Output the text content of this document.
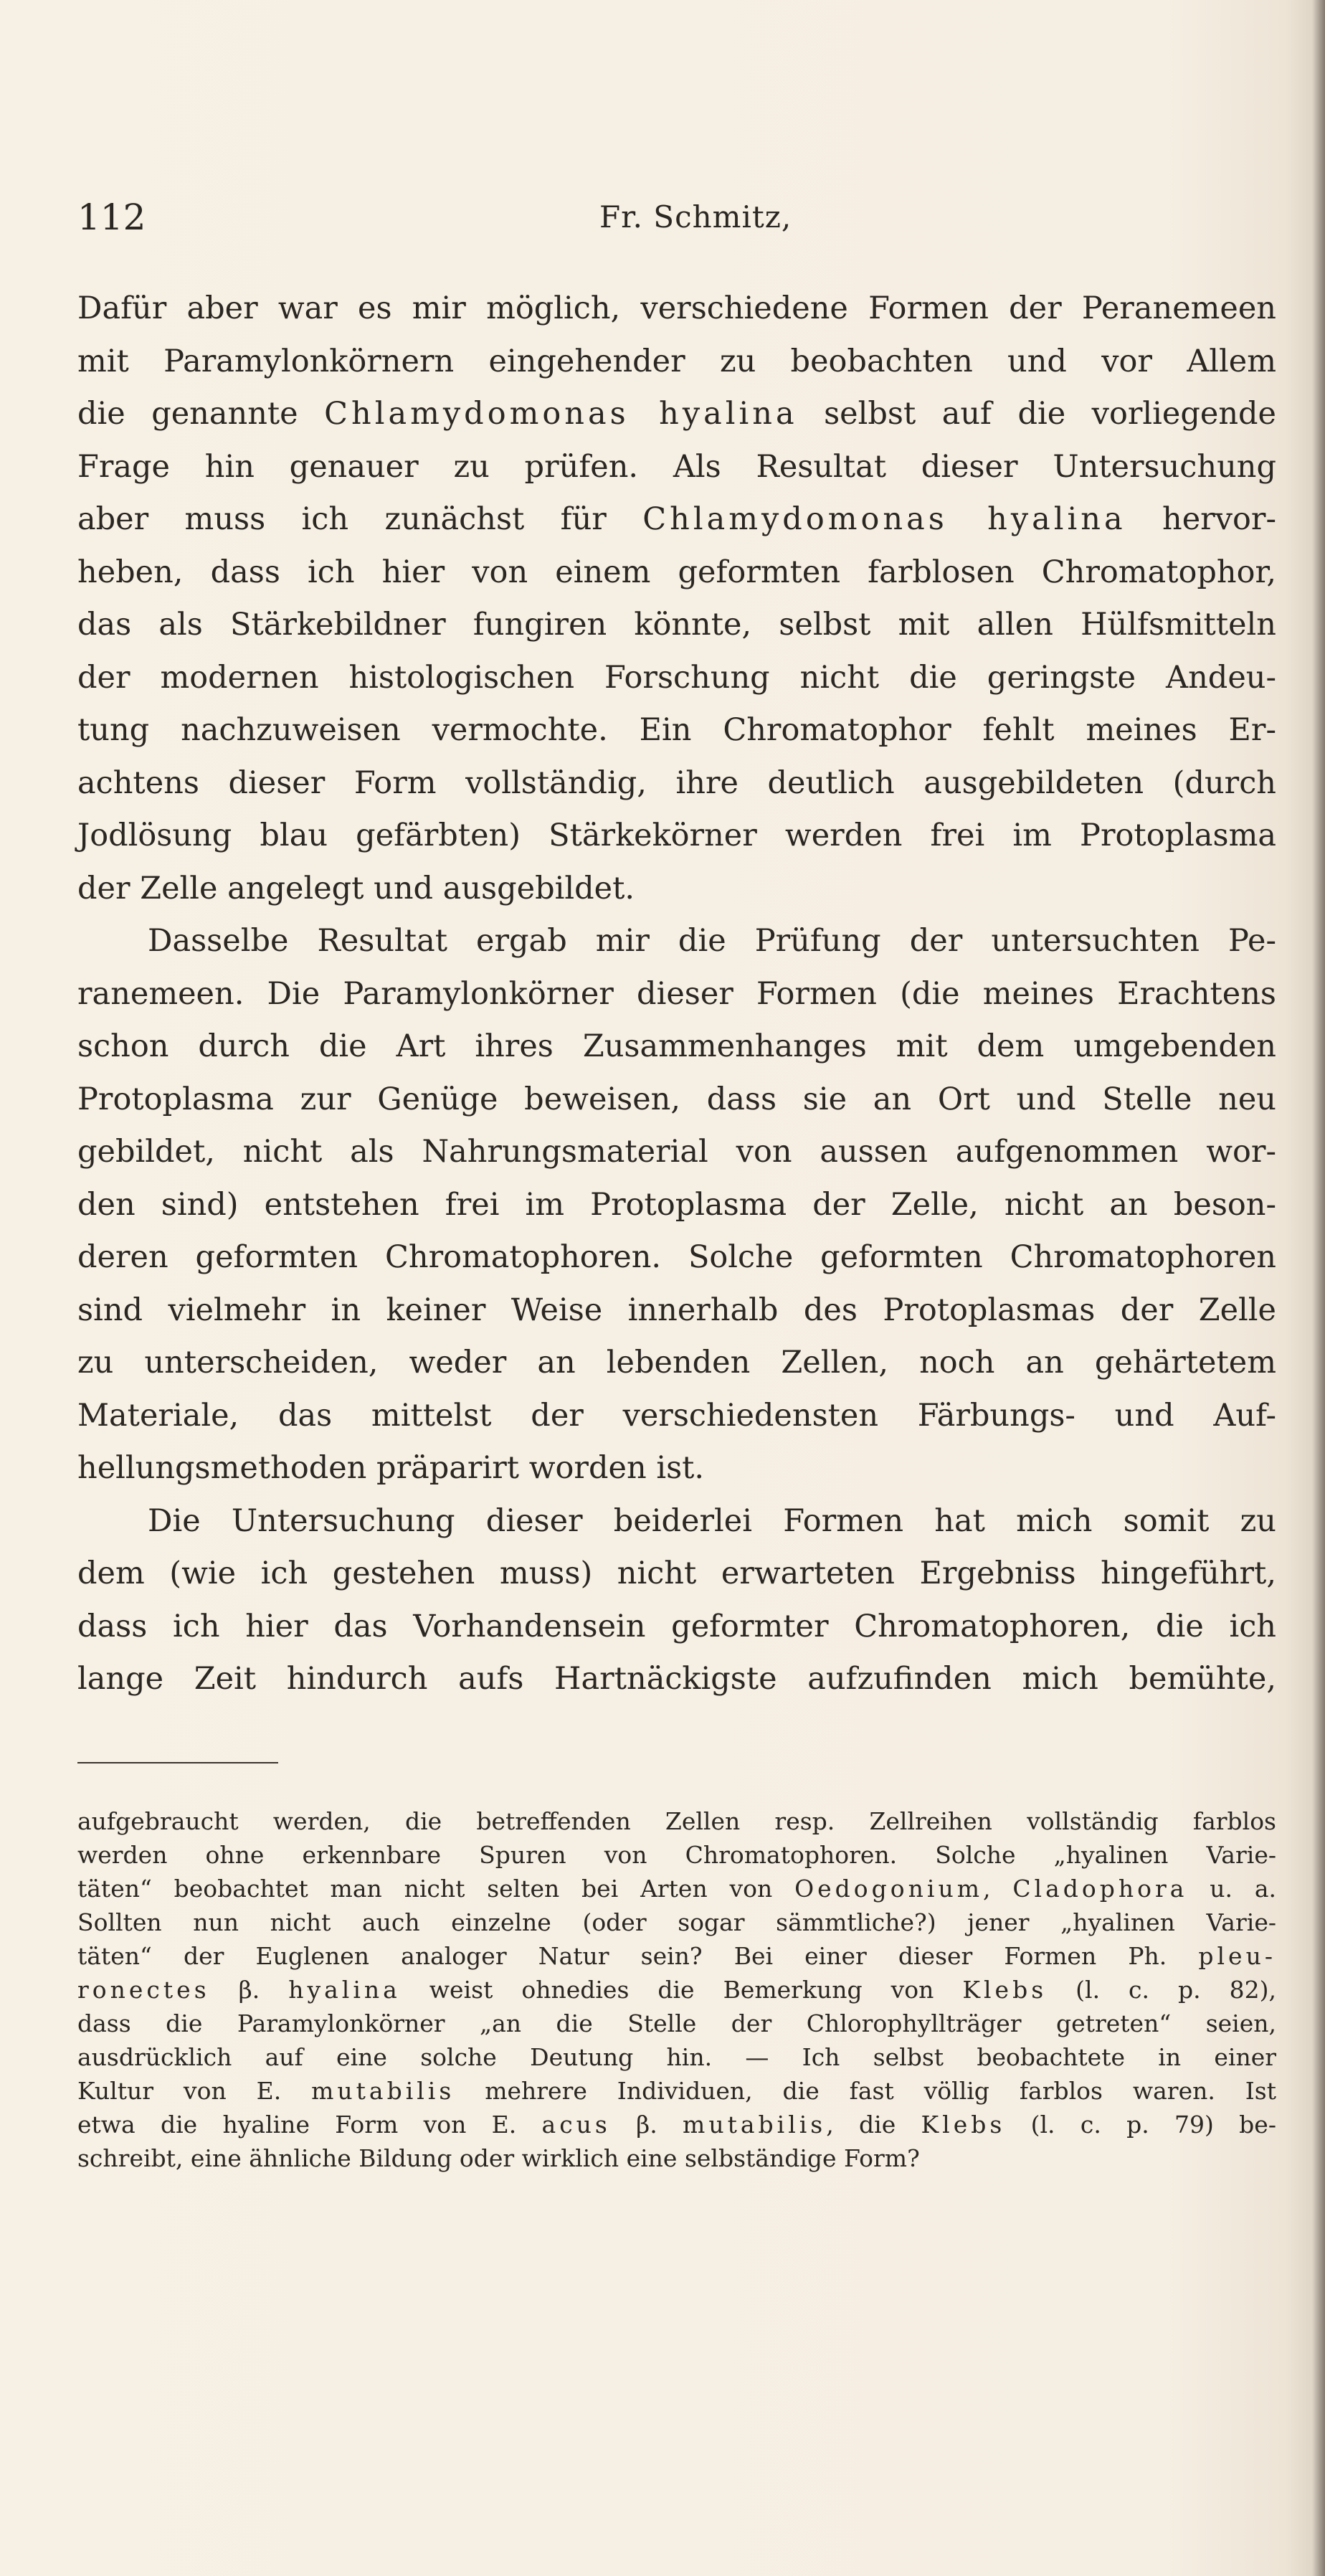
112	Fr. Schmitz,

Dafür aber war es mir möglich, verschiedene Formen der Peranemeen

mit Paramylonkörnern eingehender zu beobachten und vor Allem

die genannte Chlamydomonas hyalina selbst auf die vorliegende

Frage hin genauer zu prüfen. Als Resultat dieser Untersuchung

aber muss ich zunächst für Chlamydomonas hyalina hervor-

heben, dass ich hier von einem geformten farblosen Chromatophor,

das als Stärkebildner fungiren könnte, selbst mit allen Hülfsmitteln

der modernen histologischen Forschung nicht die geringste Andeu-

tung nachzuweisen vermochte. Ein Chromatophor fehlt meines Er-

achtens dieser Form vollständig, ihre deutlich ausgebildeten (durch

Jodlösung blau gefärbten) Stärkekörner werden frei im Protoplasma

der Zelle angelegt und ausgebildet.

Dasselbe Resultat ergab mir die Prüfung der untersuchten Pe-

ranemeen. Die Paramylonkörner dieser Formen (die meines Erachtens

schon durch die Art ihres Zusammenhanges mit dem umgebenden

Protoplasma zur Genüge beweisen, dass sie an Ort und Stelle neu

gebildet, nicht als Nahrungsmaterial von aussen aufgenommen wor-

den sind) entstehen frei im Protoplasma der Zelle, nicht an beson-

deren geformten Chromatophoren. Solche geformten Chromatophoren

sind vielmehr in keiner Weise innerhalb des Protoplasmas der Zelle

zu unterscheiden, weder an lebenden Zellen, noch an gehärtetem

Materiale, das mittelst der verschiedensten Färbungs- und Auf-

hellungsmethoden präparirt worden ist.

Die Untersuchung dieser beiderlei Formen hat mich somit zu

dem (wie ich gestehen muss) nicht erwarteten Ergebniss hingeführt,

dass ich hier das Vorhandensein geformter Chromatophoren, die ich

lange Zeit hindurch aufs Hartnäckigste aufzufinden mich bemühte,

aufgebraucht werden, die betreffenden Zellen resp. Zellreihen vollständig farblos

werden ohne erkennbare Spuren von Chromatophoren. Solche „hyalinen Varie-

täten“ beobachtet man nicht selten bei Arten von Oedogonium, Cladophora u. a.

Sollten nun nicht auch einzelne (oder sogar sämmtliche?) jener „hyalinen Varie-

täten“ der Euglenen analoger Natur sein? Bei einer dieser Formen Ph. pleu-

ronectes β. hyalina weist ohnedies die Bemerkung von Klebs (l. c. p. 82),

dass die Paramylonkörner „an die Stelle der Chlorophyllträger getreten“ seien,

ausdrücklich auf eine solche Deutung hin. — Ich selbst beobachtete in einer

Kultur von E. mutabilis mehrere Individuen, die fast völlig farblos waren. Ist

etwa die hyaline Form von E. acus β. mutabilis, die Klebs (l. c. p. 79) be-

schreibt, eine ähnliche Bildung oder wirklich eine selbständige Form?
